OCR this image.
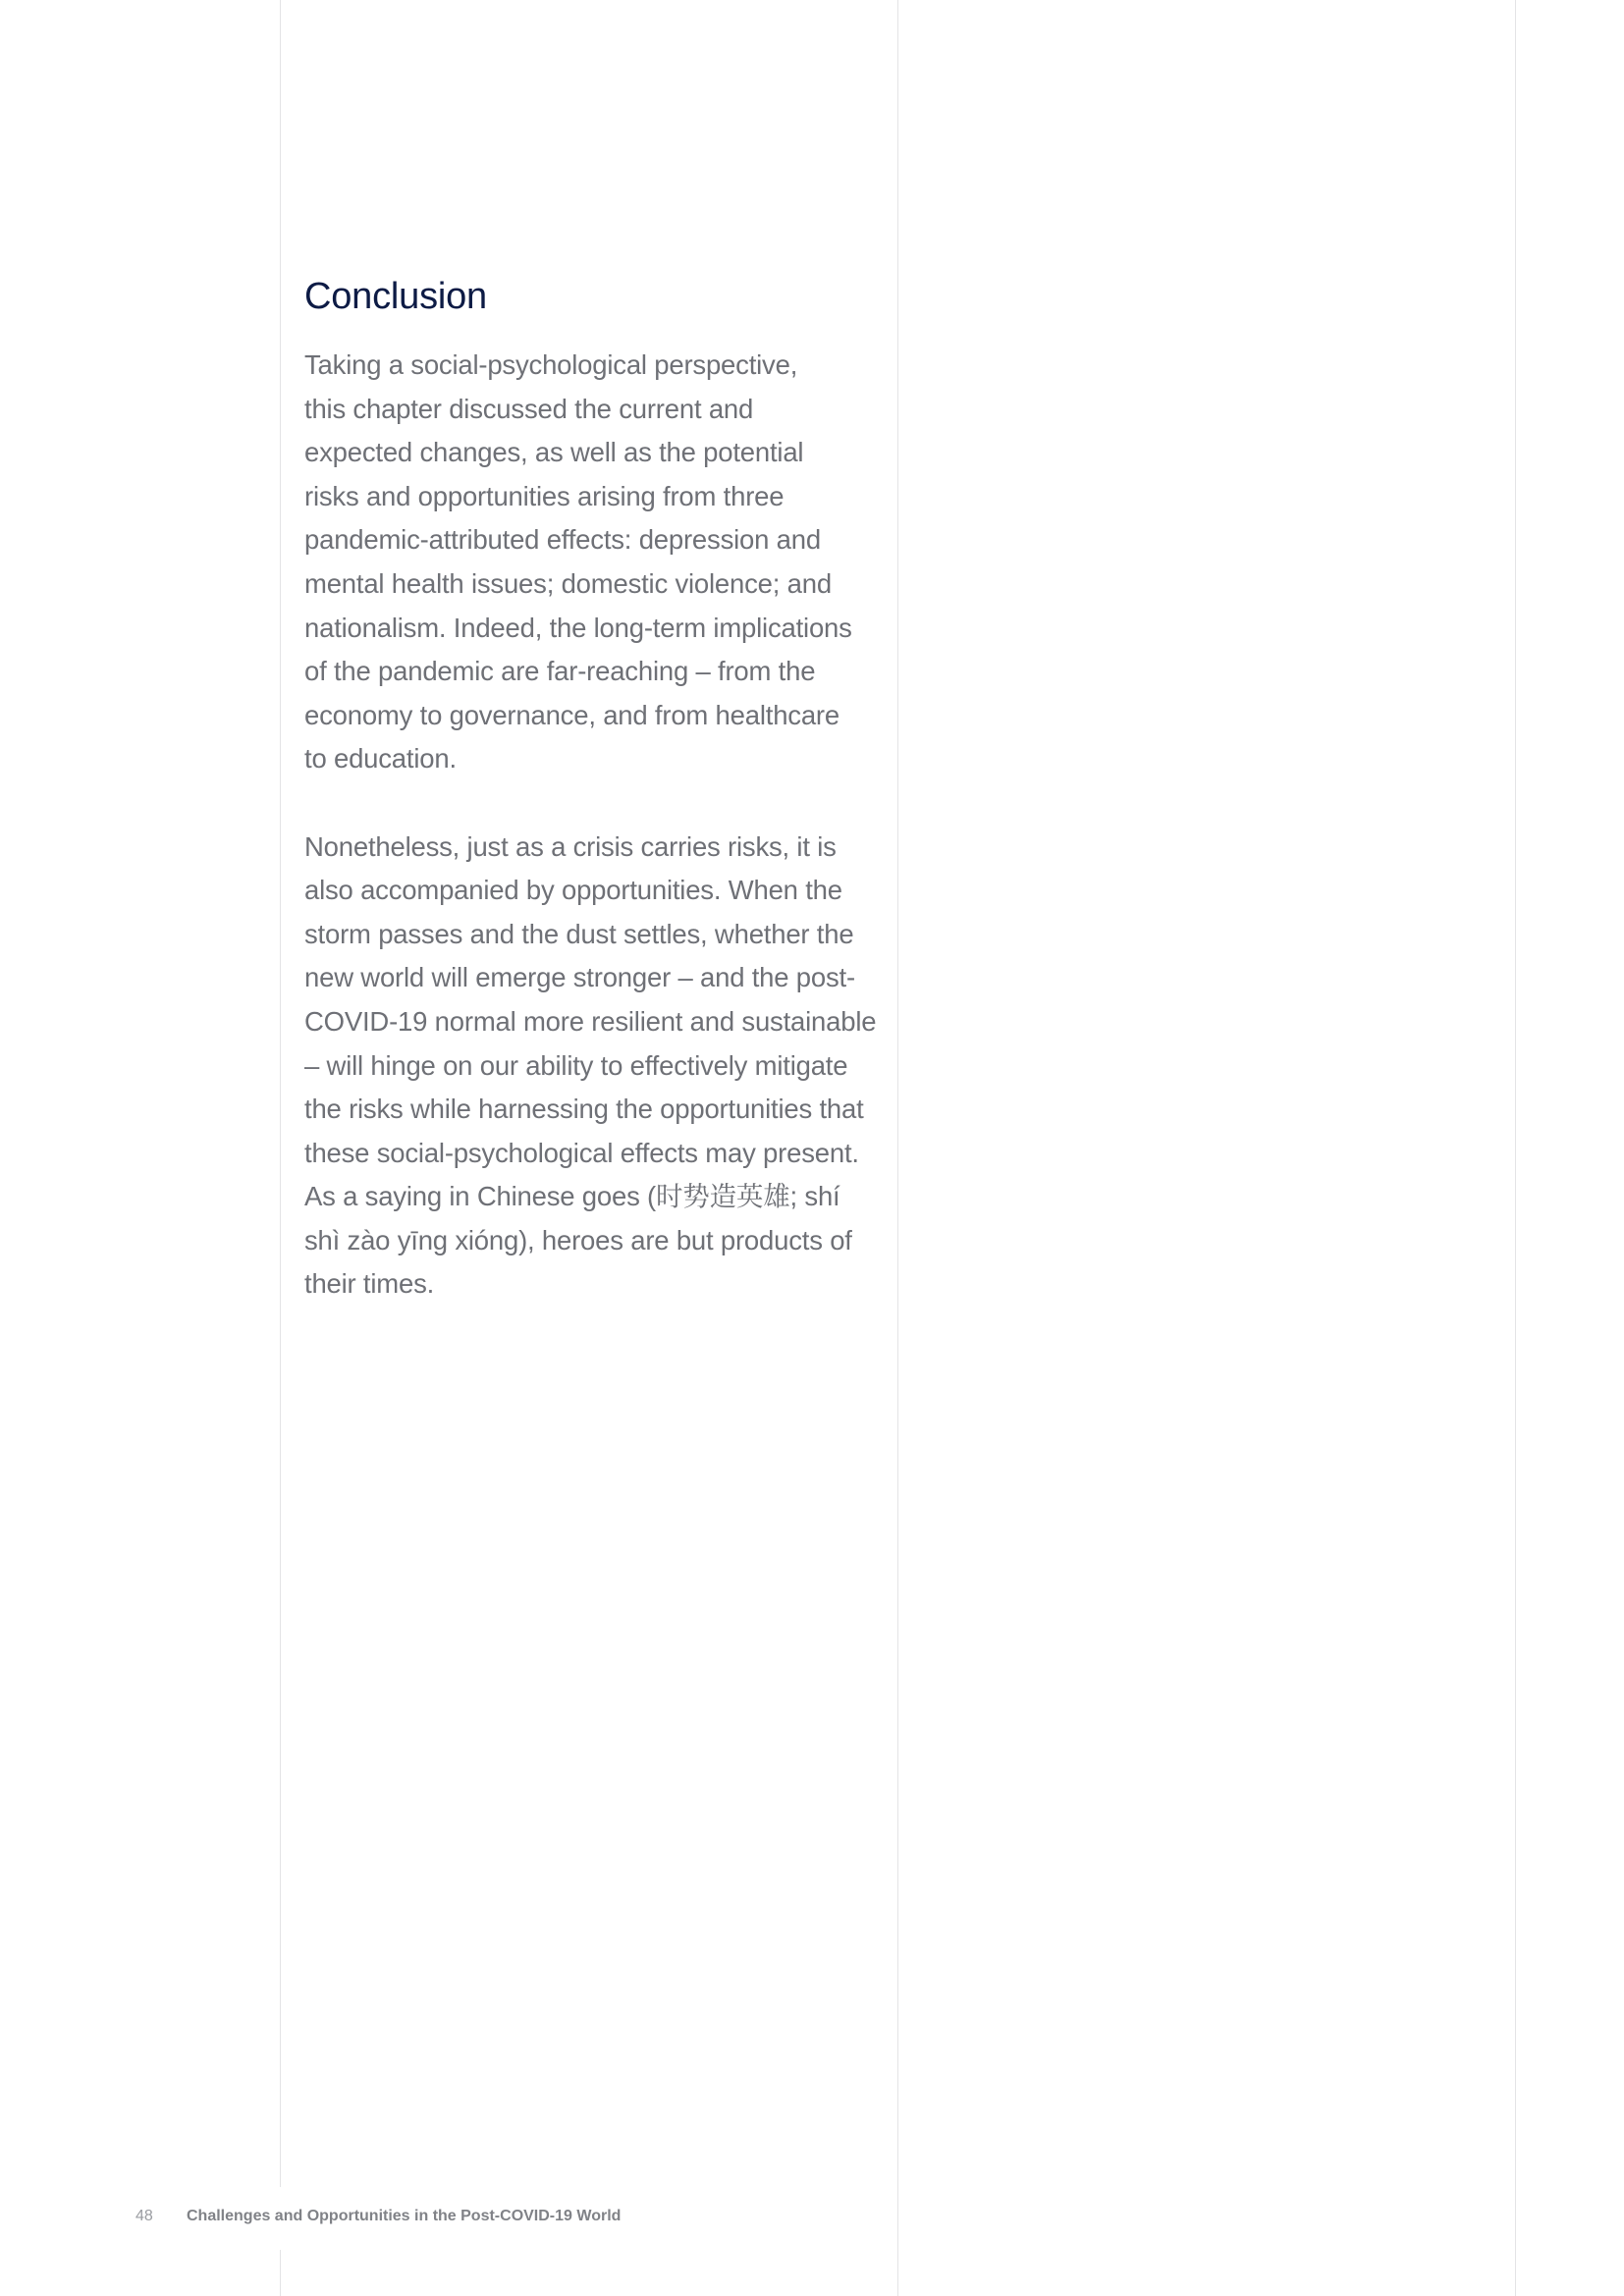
Conclusion

Taking a social-psychological perspective,
this chapter discussed the current and
expected changes, as well as the potential
risks and opportunities arising from three
pandemic-attributed effects: depression and
mental health issues; domestic violence; and
nationalism. Indeed, the long-term implications
of the pandemic are far-reaching – from the
economy to governance, and from healthcare
to education.

Nonetheless, just as a crisis carries risks, it is
also accompanied by opportunities. When the
storm passes and the dust settles, whether the
new world will emerge stronger – and the post-
COVID-19 normal more resilient and sustainable
– will hinge on our ability to effectively mitigate
the risks while harnessing the opportunities that
these social-psychological effects may present.
As a saying in Chinese goes (时势造英雄; shí
shì zào yīng xióng), heroes are but products of
their times.

48 Challenges and Opportunities in the Post-COVID-19 World
